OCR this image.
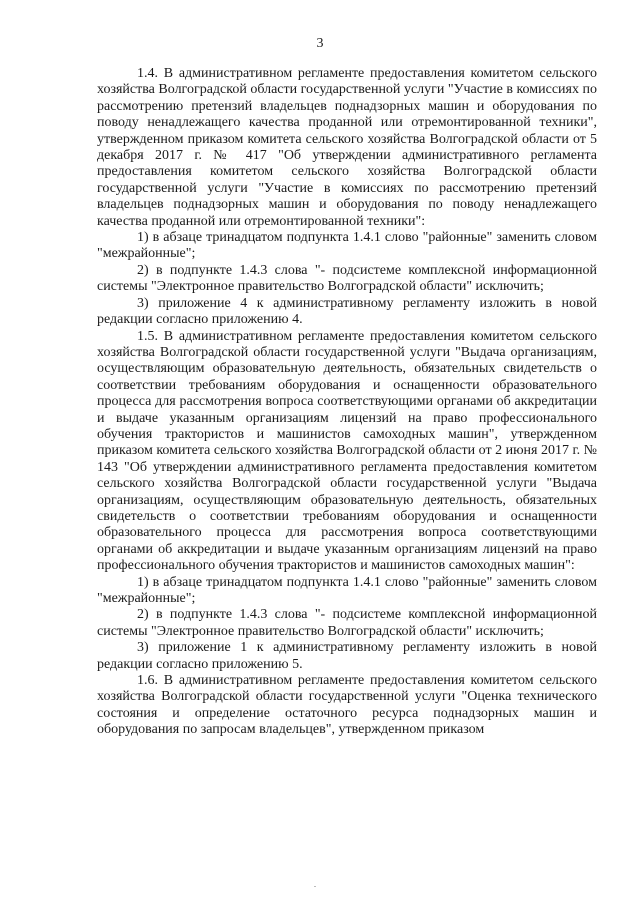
3

1.4. В административном регламенте предоставления комитетом сельского хозяйства Волгоградской области государственной услуги "Участие в комиссиях по рассмотрению претензий владельцев поднадзорных машин и оборудования по поводу ненадлежащего качества проданной или отремонтированной техники", утвержденном приказом комитета сельского хозяйства Волгоградской области от 5 декабря 2017 г. № 417 "Об утверждении административного регламента предоставления комитетом сельского хозяйства Волгоградской области государственной услуги "Участие в комиссиях по рассмотрению претензий владельцев поднадзорных машин и оборудования по поводу ненадлежащего качества проданной или отремонтированной техники":

1) в абзаце тринадцатом подпункта 1.4.1 слово "районные" заменить словом "межрайонные";

2) в подпункте 1.4.3 слова "- подсистеме комплексной информационной системы "Электронное правительство Волгоградской области" исключить;

3) приложение 4 к административному регламенту изложить в новой редакции согласно приложению 4.

1.5. В административном регламенте предоставления комитетом сельского хозяйства Волгоградской области государственной услуги "Выдача организациям, осуществляющим образовательную деятельность, обязательных свидетельств о соответствии требованиям оборудования и оснащенности образовательного процесса для рассмотрения вопроса соответствующими органами об аккредитации и выдаче указанным организациям лицензий на право профессионального обучения трактористов и машинистов самоходных машин", утвержденном приказом комитета сельского хозяйства Волгоградской области от 2 июня 2017 г. № 143 "Об утверждении административного регламента предоставления комитетом сельского хозяйства Волгоградской области государственной услуги "Выдача организациям, осуществляющим образовательную деятельность, обязательных свидетельств о соответствии требованиям оборудования и оснащенности образовательного процесса для рассмотрения вопроса соответствующими органами об аккредитации и выдаче указанным организациям лицензий на право профессионального обучения трактористов и машинистов самоходных машин":

1) в абзаце тринадцатом подпункта 1.4.1 слово "районные" заменить словом "межрайонные";

2) в подпункте 1.4.3 слова "- подсистеме комплексной информационной системы "Электронное правительство Волгоградской области" исключить;

3) приложение 1 к административному регламенту изложить в новой редакции согласно приложению 5.

1.6. В административном регламенте предоставления комитетом сельского хозяйства Волгоградской области государственной услуги "Оценка технического состояния и определение остаточного ресурса поднадзорных машин и оборудования по запросам владельцев", утвержденном приказом
